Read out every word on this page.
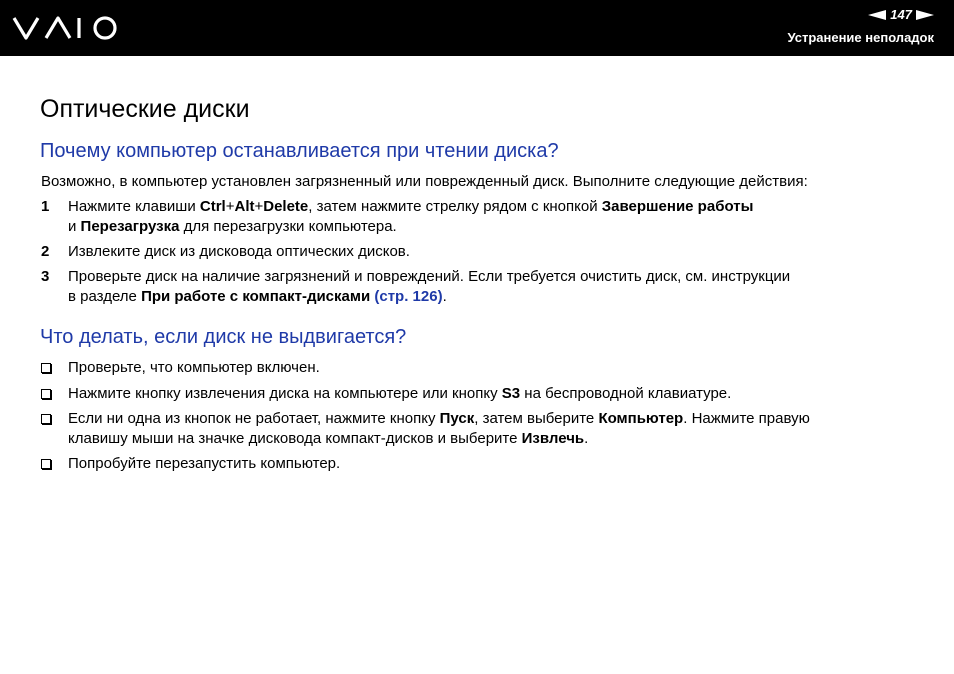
147
Устранение неполадок
Оптические диски
Почему компьютер останавливается при чтении диска?

Возможно, в компьютер установлен загрязненный или поврежденный диск. Выполните следующие действия:

1	Нажмите клавиши Ctrl+Alt+Delete, затем нажмите стрелку рядом с кнопкой Завершение работы
и Перезагрузка для перезагрузки компьютера.
2	Извлеките диск из дисковода оптических дисков.
3	Проверьте диск на наличие загрязнений и повреждений. Если требуется очистить диск, см. инструкции
в разделе При работе с компакт-дисками (стр. 126).
Что делать, если диск не выдвигается?
Проверьте, что компьютер включен.
Нажмите кнопку извлечения диска на компьютере или кнопку S3 на беспроводной клавиатуре.
Если ни одна из кнопок не работает, нажмите кнопку Пуск, затем выберите Компьютер. Нажмите правую
клавишу мыши на значке дисковода компакт-дисков и выберите Извлечь.
Попробуйте перезапустить компьютер.
